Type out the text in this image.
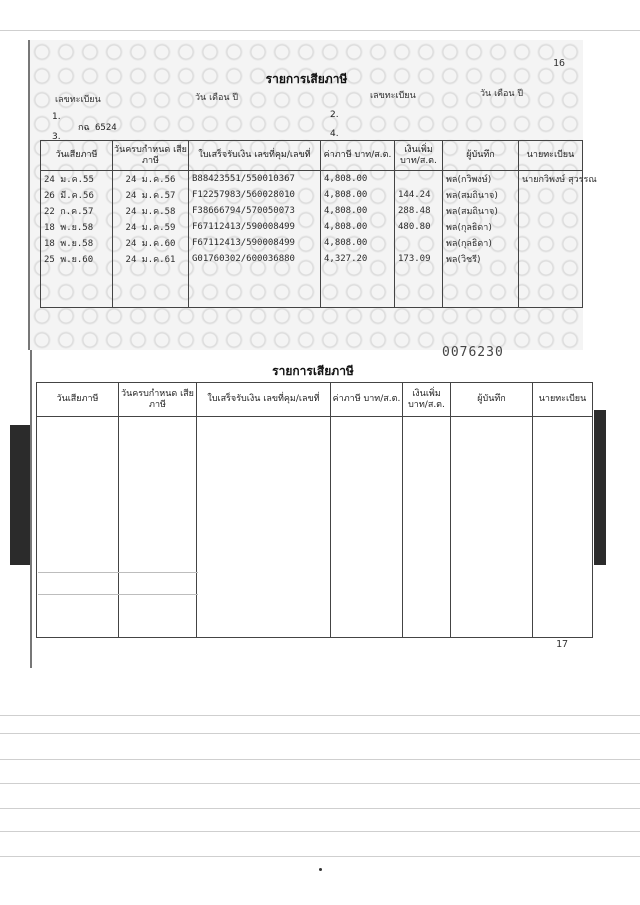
16
รายการเสียภาษี
เลขทะเบียน	วัน เดือน ปี	เลขทะเบียน	วัน เดือน ปี
1.
3.
2.
4.
กฉ 6524
วันเสียภาษี	วันครบกำหนด เสียภาษี	ใบเสร็จรับเงิน เลขที่คุม/เลขที่	ค่าภาษี บาท/ส.ต.	เงินเพิ่ม บาท/ส.ต.	ผู้บันทึก	นายทะเบียน
24 ม.ค.55	24 ม.ค.56	B88423551/550010367	4,808.00		พล(กวิพงษ์)	นายกวิพงษ์ สุวรรณ
26 มี.ค.56	24 ม.ค.57	F12257983/560028010	4,808.00	144.24	พล(สมถินาจ)	
22 ก.ค.57	24 ม.ค.58	F38666794/570050073	4,808.00	288.48	พล(สมถินาจ)	
18 พ.ย.58	24 ม.ค.59	F67112413/590008499	4,808.00	480.80	พล(กุลธิดา)	
18 พ.ย.58	24 ม.ค.60	F67112413/590008499	4,808.00		พล(กุลธิดา)	
25 พ.ย.60	24 ม.ค.61	G01760302/600036880	4,327.20	173.09	พล(วิชรี)	

0076230
รายการเสียภาษี
วันเสียภาษี	วันครบกำหนด เสียภาษี	ใบเสร็จรับเงิน เลขที่คุม/เลขที่	ค่าภาษี บาท/ส.ต.	เงินเพิ่ม บาท/ส.ต.	ผู้บันทึก	นายทะเบียน

17
